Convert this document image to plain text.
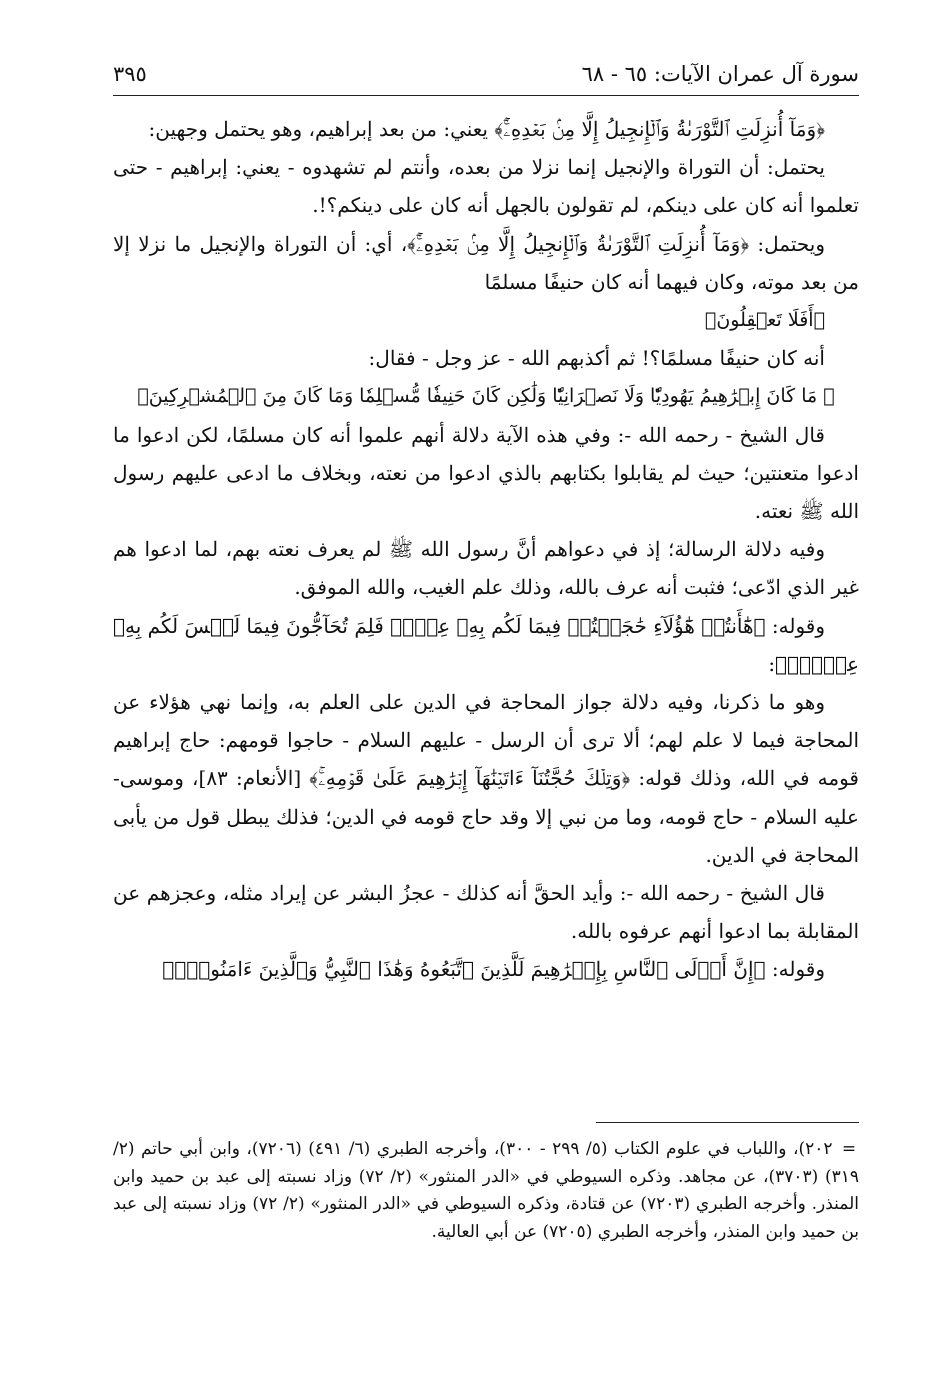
سورة آل عمران الآيات: ٦٥ - ٦٨
٣٩٥

﴿وَمَآ أُنزِلَتِ ٱلتَّوْرَىٰةُ وَٱلۡإِنجِيلُ إِلَّا مِنۢ بَعۡدِهِۦٓۚ﴾ يعني: من بعد إبراهيم، وهو يحتمل وجهين:

يحتمل: أن التوراة والإنجيل إنما نزلا من بعده، وأنتم لم تشهدوه - يعني: إبراهيم - حتى تعلموا أنه كان على دينكم، لم تقولون بالجهل أنه كان على دينكم؟!.

ويحتمل: ﴿وَمَآ أُنزِلَتِ ٱلتَّوْرَىٰةُ وَٱلۡإِنجِيلُ إِلَّا مِنۢ بَعۡدِهِۦٓۚ﴾، أي: أن التوراة والإنجيل ما نزلا إلا من بعد موته، وكان فيهما أنه كان حنيفًا مسلمًا

﴿أَفَلَا تَعۡقِلُونَ﴾

أنه كان حنيفًا مسلمًا؟! ثم أكذبهم الله - عز وجل - فقال:

﴿ مَا كَانَ إِبۡرَٰهِيمُ يَهُودِيّٗا وَلَا نَصۡرَانِيّٗا وَلَٰكِن كَانَ حَنِيفٗا مُّسۡلِمٗا وَمَا كَانَ مِنَ ٱلۡمُشۡرِكِينَ﴾

قال الشيخ - رحمه الله -: وفي هذه الآية دلالة أنهم علموا أنه كان مسلمًا، لكن ادعوا ما ادعوا متعنتين؛ حيث لم يقابلوا بكتابهم بالذي ادعوا من نعته، وبخلاف ما ادعى عليهم رسول الله ﷺ نعته.

وفيه دلالة الرسالة؛ إذ في دعواهم أنَّ رسول الله ﷺ لم يعرف نعته بهم، لما ادعوا هم غير الذي ادّعى؛ فثبت أنه عرف بالله، وذلك علم الغيب، والله الموفق.

وقوله: ﴿هَٰٓأَنتُمۡ هَٰٓؤُلَآءِ حَٰجَجۡتُمۡ فِيمَا لَكُم بِهِۦ عِلۡمٞ فَلِمَ تُحَآجُّونَ فِيمَا لَيۡسَ لَكُم بِهِۦ عِلۡمٞۚ﴾:

وهو ما ذكرنا، وفيه دلالة جواز المحاجة في الدين على العلم به، وإنما نهي هؤلاء عن المحاجة فيما لا علم لهم؛ ألا ترى أن الرسل - عليهم السلام - حاجوا قومهم: حاج إبراهيم قومه في الله، وذلك قوله: ﴿وَتِلۡكَ حُجَّتُنَآ ءَاتَيۡنَٰهَآ إِبۡرَٰهِيمَ عَلَىٰ قَوۡمِهِۦۚ﴾ [الأنعام: ٨٣]، وموسى- عليه السلام - حاج قومه، وما من نبي إلا وقد حاج قومه في الدين؛ فذلك يبطل قول من يأبى المحاجة في الدين.

قال الشيخ - رحمه الله -: وأيد الحقَّ أنه كذلك - عجزُ البشر عن إيراد مثله، وعجزهم عن المقابلة بما ادعوا أنهم عرفوه بالله.

وقوله: ﴿إِنَّ أَوۡلَى ٱلنَّاسِ بِإِبۡرَٰهِيمَ لَلَّذِينَ ٱتَّبَعُوهُ وَهَٰذَا ٱلنَّبِيُّ وَٱلَّذِينَ ءَامَنُواْۗ﴾

= ٢٠٢)، واللباب في علوم الكتاب (٥/ ٢٩٩ - ٣٠٠)، وأخرجه الطبري (٦/ ٤٩١) (٧٢٠٦)، وابن أبي حاتم (٢/ ٣١٩) (٣٧٠٣)، عن مجاهد. وذكره السيوطي في «الدر المنثور» (٢/ ٧٢) وزاد نسبته إلى عبد بن حميد وابن المنذر. وأخرجه الطبري (٧٢٠٣) عن قتادة، وذكره السيوطي في «الدر المنثور» (٢/ ٧٢) وزاد نسبته إلى عبد بن حميد وابن المنذر، وأخرجه الطبري (٧٢٠٥) عن أبي العالية.
